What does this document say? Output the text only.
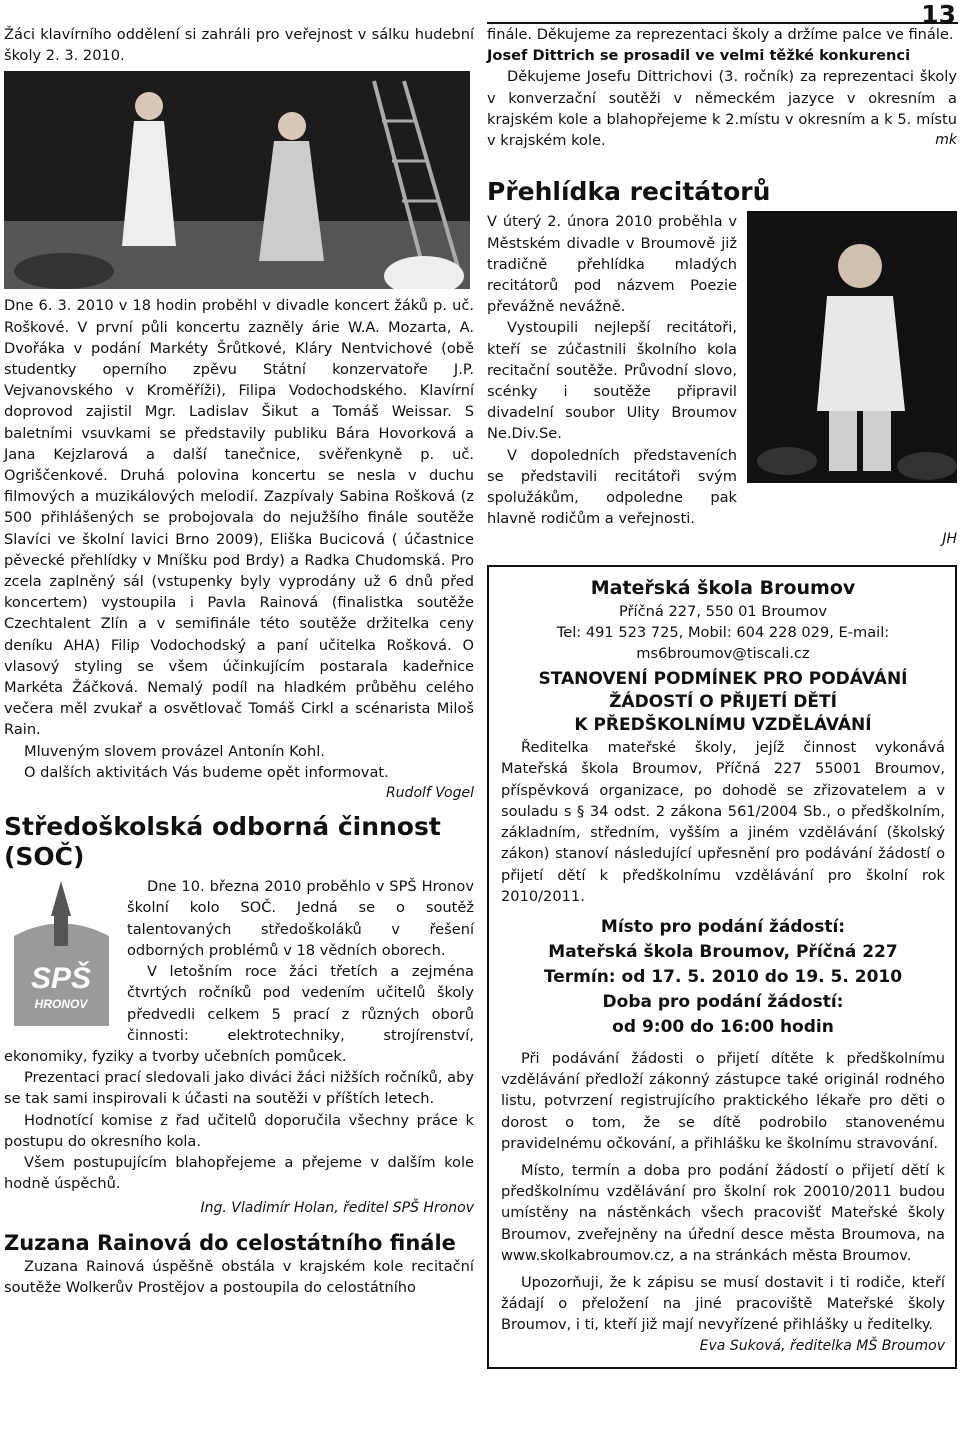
13

Žáci klavírního oddělení si zahráli pro veřejnost v sálku hudební školy 2. 3. 2010.

Dne 6. 3. 2010 v 18 hodin proběhl v divadle koncert žáků p. uč. Roškové. V první půli koncertu zazněly árie W.A. Mozarta, A. Dvořáka v podání Markéty Šrůtkové, Kláry Nentvichové (obě studentky operního zpěvu Státní konzervatoře J.P. Vejvanovského v Kroměříži), Filipa Vodochodského. Klavírní doprovod zajistil Mgr. Ladislav Šikut a Tomáš Weissar. S baletními vsuvkami se představily publiku Bára Hovorková a Jana Kejzlarová a další tanečnice, svěřenkyně p. uč. Ogriščenkové. Druhá polovina koncertu se nesla v duchu filmových a muzikálových melodií. Zazpívaly Sabina Rošková (z 500 přihlášených se probojovala do nejužšího finále soutěže Slavíci ve školní lavici Brno 2009), Eliška Bucicová ( účastnice pěvecké přehlídky v Mníšku pod Brdy) a Radka Chudomská. Pro zcela zaplněný sál (vstupenky byly vyprodány už 6 dnů před koncertem) vystoupila i Pavla Rainová (finalistka soutěže Czechtalent Zlín a v semifinále této soutěže držitelka ceny deníku AHA) Filip Vodochodský a paní učitelka Rošková. O vlasový styling se všem účinkujícím postarala kadeřnice Markéta Žáčková. Nemalý podíl na hladkém průběhu celého večera měl zvukař a osvětlovač Tomáš Cirkl a scénarista Miloš Rain.

Mluveným slovem provázel Antonín Kohl.

O dalších aktivitách Vás budeme opět informovat.

Rudolf Vogel

Středoškolská odborná činnost (SOČ)
SPŠ
HRONOV

Dne 10. března 2010 proběhlo v SPŠ Hronov školní kolo SOČ. Jedná se o soutěž talentovaných středoškoláků v řešení odborných problémů v 18 vědních oborech.

V letošním roce žáci třetích a zejména čtvrtých ročníků pod vedením učitelů školy předvedli celkem 5 prací z různých oborů činnosti: elektrotechniky, strojírenství, ekonomiky, fyziky a tvorby učebních pomůcek.

Prezentaci prací sledovali jako diváci žáci nižších ročníků, aby se tak sami inspirovali k účasti na soutěži v příštích letech.

Hodnotící komise z řad učitelů doporučila všechny práce k postupu do okresního kola.

Všem postupujícím blahopřejeme a přejeme v dalším kole hodně úspěchů.

Ing. Vladimír Holan, ředitel SPŠ Hronov

Zuzana Rainová do celostátního finále

Zuzana Rainová úspěšně obstála v krajském kole recitační soutěže Wolkerův Prostějov a postoupila do celostátního

finále. Děkujeme za reprezentaci školy a držíme palce ve finále.

Josef Dittrich se prosadil ve velmi těžké konkurenci

Děkujeme Josefu Dittrichovi (3. ročník) za reprezentaci školy v konverzační soutěži v německém jazyce v okresním a krajském kole a blahopřejeme k 2.místu v okresním a k 5. místu v krajském kole.	mk

Přehlídka recitátorů

V úterý 2. února 2010 proběhla v Městském divadle v Broumově již tradičně přehlídka mladých recitátorů pod názvem Poezie převážně nevážně.

Vystoupili nejlepší recitátoři, kteří se zúčastnili školního kola recitační soutěže. Průvodní slovo, scénky i soutěže připravil divadelní soubor Ulity Broumov Ne.Div.Se.

V dopoledních představeních se představili recitátoři svým spolužákům, odpoledne pak hlavně rodičům a veřejnosti.

JH

Mateřská škola Broumov

Příčná 227, 550 01 Broumov

Tel: 491 523 725, Mobil: 604 228 029, E-mail:

ms6broumov@tiscali.cz

STANOVENÍ PODMÍNEK PRO PODÁVÁNÍ

ŽÁDOSTÍ O PŘIJETÍ DĚTÍ

K PŘEDŠKOLNÍMU VZDĚLÁVÁNÍ

Ředitelka mateřské školy, jejíž činnost vykonává Mateřská škola Broumov, Příčná 227 55001 Broumov, příspěvková organizace, po dohodě se zřizovatelem a v souladu s § 34 odst. 2 zákona 561/2004 Sb., o předškolním, základním, středním, vyšším a jiném vzdělávání (školský zákon) stanoví následující upřesnění pro podávání žádostí o přijetí dětí k předškolnímu vzdělávání pro školní rok 2010/2011.

Místo pro podání žádostí:

Mateřská škola Broumov, Příčná 227

Termín: od 17. 5. 2010 do 19. 5. 2010

Doba pro podání žádostí:

od 9:00 do 16:00 hodin

Při podávání žádosti o přijetí dítěte k předškolnímu vzdělávání předloží zákonný zástupce také originál rodného listu, potvrzení registrujícího praktického lékaře pro děti o dorost o tom, že se dítě podrobilo stanovenému pravidelnému očkování, a přihlášku ke školnímu stravování.

Místo, termín a doba pro podání žádostí o přijetí dětí k předškolnímu vzdělávání pro školní rok 20010/2011 budou umístěny na nástěnkách všech pracovišť Mateřské školy Broumov, zveřejněny na úřední desce města Broumova, na www.skolkabroumov.cz, a na stránkách města Broumov.

Upozorňuji, že k zápisu se musí dostavit i ti rodiče, kteří žádají o přeložení na jiné pracoviště Mateřské školy Broumov, i ti, kteří již mají nevyřízené přihlášky u ředitelky.

Eva Suková, ředitelka MŠ Broumov
